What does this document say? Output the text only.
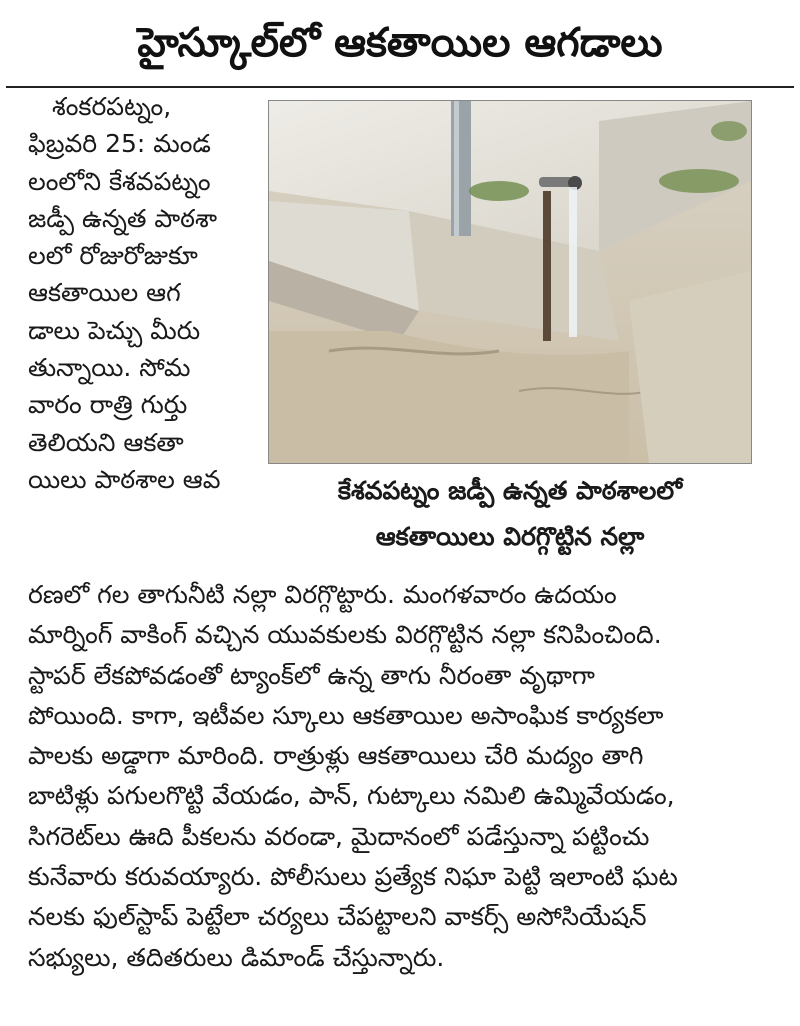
హైస్కూల్‌లో ఆకతాయిల ఆగడాలు
శంకరపట్నం,
ఫిబ్రవరి 25: మండ
లంలోని కేశవపట్నం
జడ్పీ ఉన్నత పాఠశా
లలో రోజురోజుకూ
ఆకతాయిల ఆగ
డాలు పెచ్చు మీరు
తున్నాయి. సోమ
వారం రాత్రి గుర్తు
తెలియని ఆకతా
యిలు పాఠశాల ఆవ	కేశవపట్నం జడ్పీ ఉన్నత పాఠశాలలో
ఆకతాయిలు విరగ్గొట్టిన నల్లా
రణలో గల తాగునీటి నల్లా విరగ్గొట్టారు. మంగళవారం ఉదయం
మార్నింగ్ వాకింగ్ వచ్చిన యువకులకు విరగ్గొట్టిన నల్లా కనిపించింది.
స్టాపర్ లేకపోవడంతో ట్యాంక్‌లో ఉన్న తాగు నీరంతా వృథాగా
పోయింది. కాగా, ఇటీవల స్కూలు ఆకతాయిల అసాంఘిక కార్యకలా
పాలకు అడ్డాగా మారింది. రాత్రుళ్లు ఆకతాయిలు చేరి మద్యం తాగి
బాటిళ్లు పగులగొట్టి వేయడం, పాన్, గుట్కాలు నమిలి ఉమ్మివేయడం,
సిగరెట్‌లు ఊది పీకలను వరండా, మైదానంలో పడేస్తున్నా పట్టించు
కునేవారు కరువయ్యారు. పోలీసులు ప్రత్యేక నిఘా పెట్టి ఇలాంటి ఘట
నలకు ఫుల్‌స్టాప్ పెట్టేలా చర్యలు చేపట్టాలని వాకర్స్ అసోసియేషన్
సభ్యులు, తదితరులు డిమాండ్ చేస్తున్నారు.
